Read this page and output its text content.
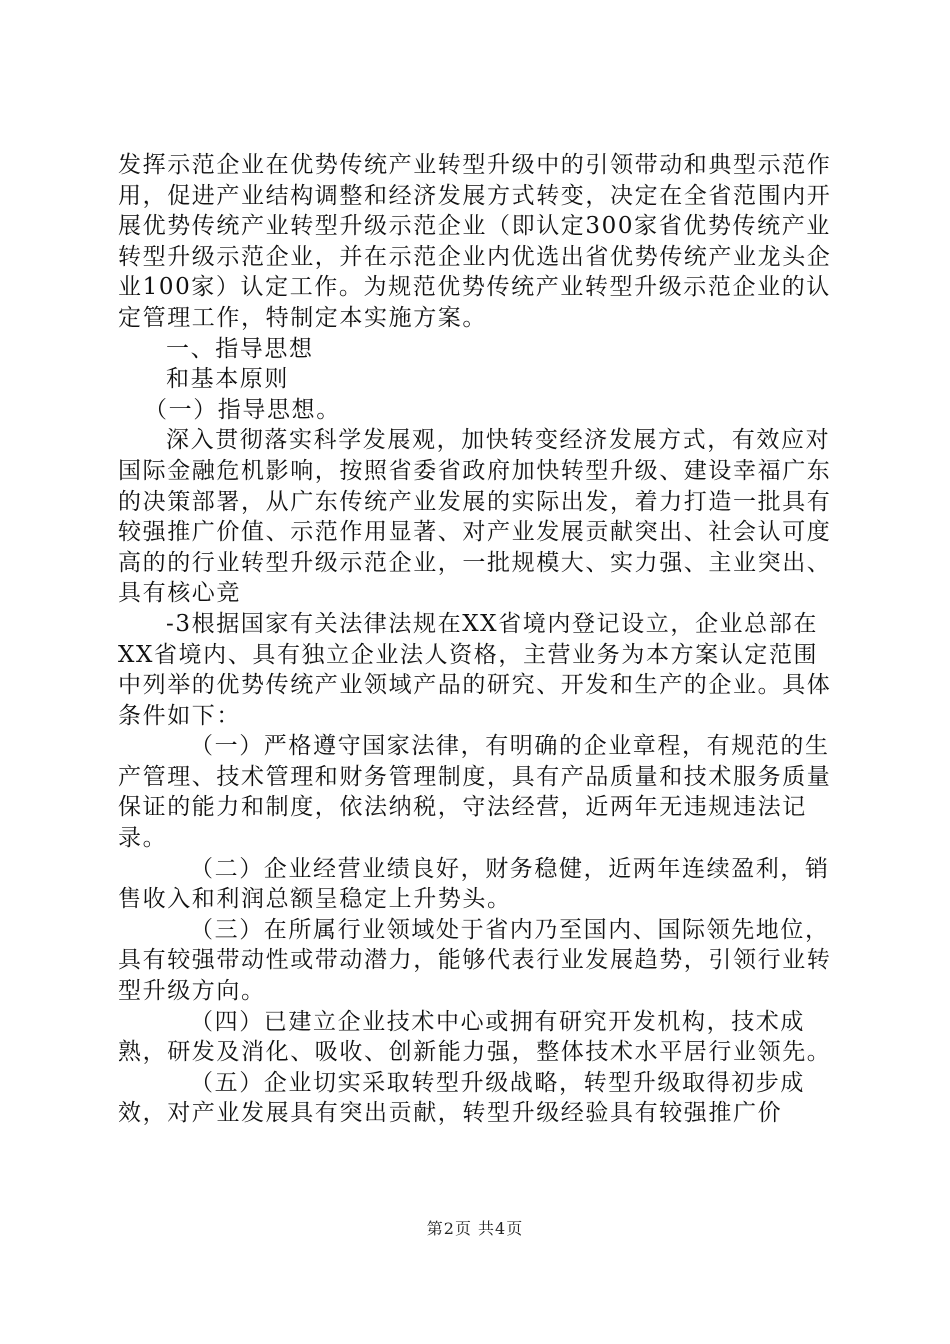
发挥示范企业在优势传统产业转型升级中的引领带动和典型示范作用，促进产业结构调整和经济发展方式转变，决定在全省范围内开展优势传统产业转型升级示范企业（即认定300家省优势传统产业转型升级示范企业，并在示范企业内优选出省优势传统产业龙头企业100家）认定工作。为规范优势传统产业转型升级示范企业的认定管理工作，特制定本实施方案。

一、指导思想

和基本原则

（一）指导思想。

深入贯彻落实科学发展观，加快转变经济发展方式，有效应对国际金融危机影响，按照省委省政府加快转型升级、建设幸福广东的决策部署，从广东传统产业发展的实际出发，着力打造一批具有较强推广价值、示范作用显著、对产业发展贡献突出、社会认可度高的的行业转型升级示范企业，一批规模大、实力强、主业突出、具有核心竞

-3根据国家有关法律法规在XX省境内登记设立，企业总部在XX省境内、具有独立企业法人资格，主营业务为本方案认定范围中列举的优势传统产业领域产品的研究、开发和生产的企业。具体条件如下：

（一）严格遵守国家法律，有明确的企业章程，有规范的生产管理、技术管理和财务管理制度，具有产品质量和技术服务质量保证的能力和制度，依法纳税，守法经营，近两年无违规违法记录。

（二）企业经营业绩良好，财务稳健，近两年连续盈利，销售收入和利润总额呈稳定上升势头。

（三）在所属行业领域处于省内乃至国内、国际领先地位，具有较强带动性或带动潜力，能够代表行业发展趋势，引领行业转型升级方向。

（四）已建立企业技术中心或拥有研究开发机构，技术成熟，研发及消化、吸收、创新能力强，整体技术水平居行业领先。

（五）企业切实采取转型升级战略，转型升级取得初步成效，对产业发展具有突出贡献，转型升级经验具有较强推广价

第2页 共4页
